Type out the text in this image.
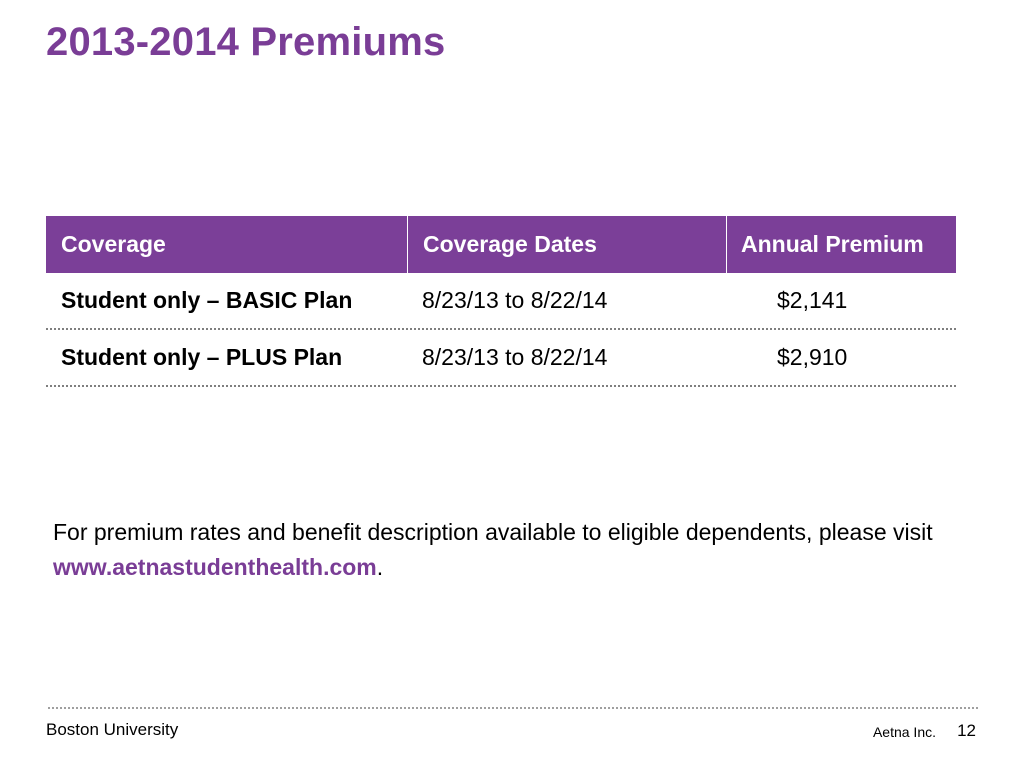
2013-2014 Premiums
Coverage	Coverage Dates	Annual Premium
Student only – BASIC Plan	8/23/13 to 8/22/14	$2,141
Student only – PLUS Plan	8/23/13 to 8/22/14	$2,910
For premium rates and benefit description available to eligible dependents, please visit www.aetnastudenthealth.com.
Boston University	Aetna Inc. 12
